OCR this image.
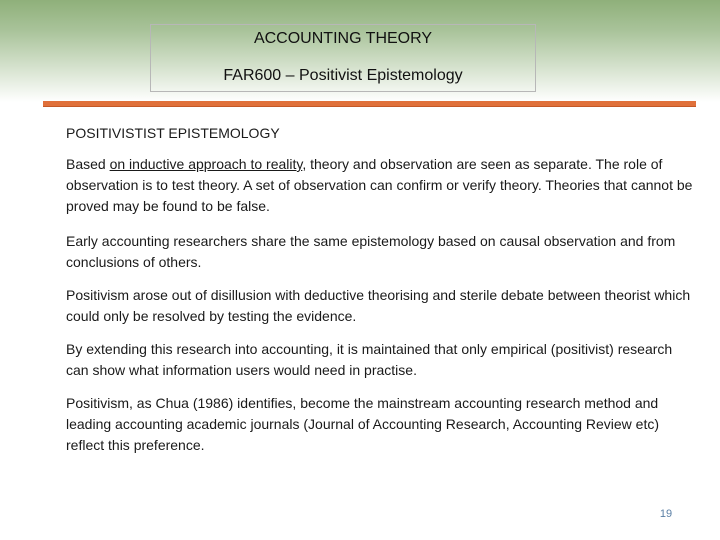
ACCOUNTING THEORY
FAR600 – Positivist Epistemology
POSITIVISTIST EPISTEMOLOGY
Based on inductive approach to reality, theory and observation are seen as separate. The role of observation is to test theory. A set of observation can confirm or verify theory. Theories that cannot be proved may be found to be false.
Early accounting researchers share the same epistemology based on causal observation and from conclusions of others.
Positivism arose out of disillusion with deductive theorising and sterile debate between theorist which could only be resolved by testing the evidence.
By extending this research into accounting, it is maintained that only empirical (positivist) research can show what information users would need in practise.
Positivism, as Chua (1986) identifies, become the mainstream accounting research method and leading accounting academic journals (Journal of Accounting Research, Accounting Review etc) reflect this preference.
19
